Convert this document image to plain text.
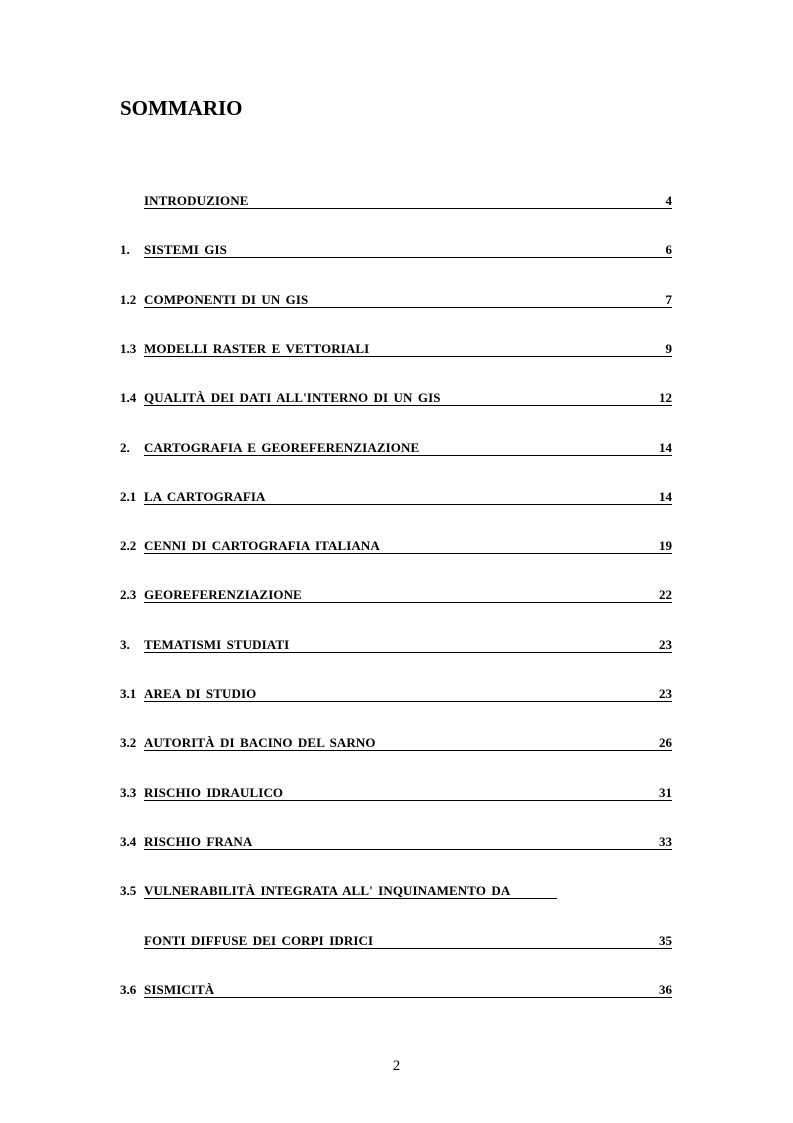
SOMMARIO
INTRODUZIONE	4
1. SISTEMI GIS	6
1.2 COMPONENTI DI UN GIS	7
1.3 MODELLI RASTER E VETTORIALI	9
1.4 QUALITÀ DEI DATI ALL'INTERNO DI UN GIS	12
2. CARTOGRAFIA E GEOREFERENZIAZIONE	14
2.1 LA CARTOGRAFIA	14
2.2 CENNI DI CARTOGRAFIA ITALIANA	19
2.3 GEOREFERENZIAZIONE	22
3. TEMATISMI STUDIATI	23
3.1 AREA DI STUDIO	23
3.2 AUTORITÀ DI BACINO DEL SARNO	26
3.3 RISCHIO IDRAULICO	31
3.4 RISCHIO FRANA	33
3.5 VULNERABILITÀ INTEGRATA ALL' INQUINAMENTO DA
FONTI DIFFUSE DEI CORPI IDRICI	35
3.6 SISMICITÀ	36
2
